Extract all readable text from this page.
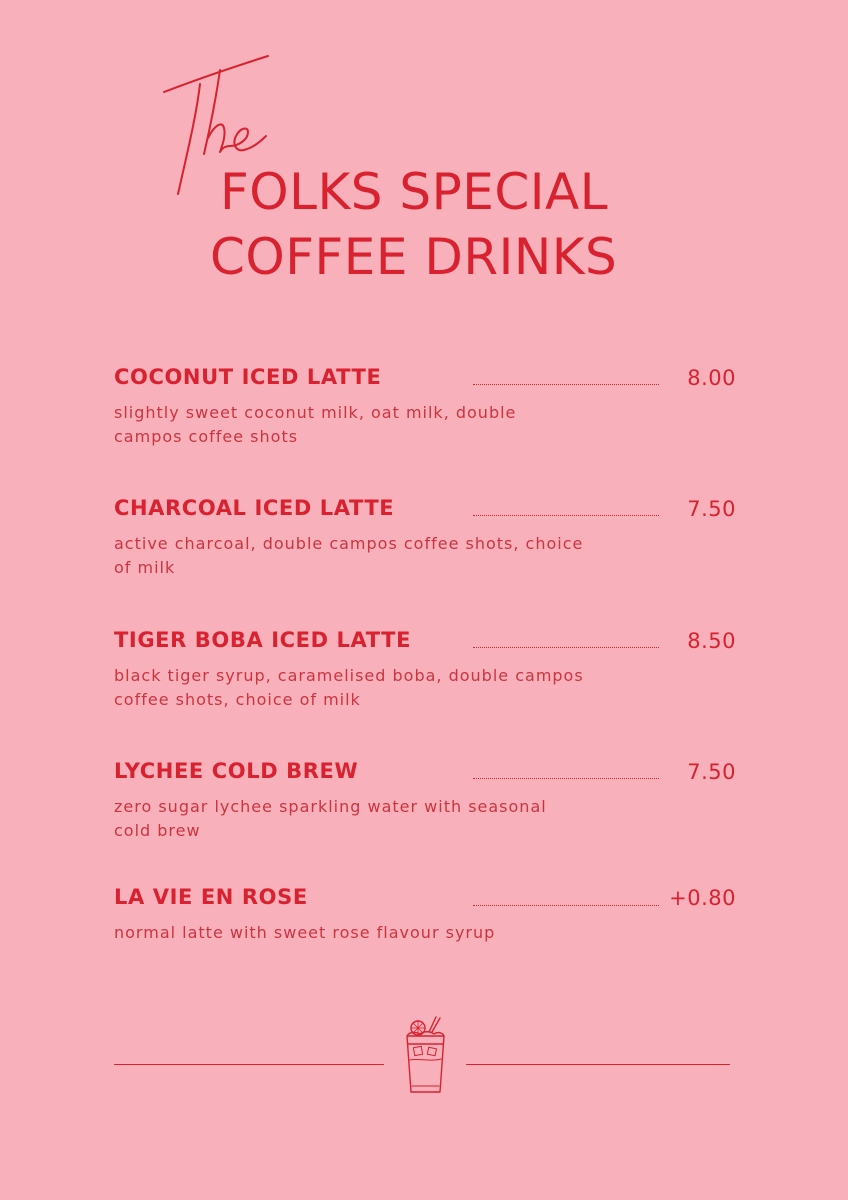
FOLKS SPECIAL
COFFEE DRINKS
COCONUT ICED LATTE	8.00
slightly sweet coconut milk, oat milk, double campos coffee shots
CHARCOAL ICED LATTE	7.50
active charcoal, double campos coffee shots, choice of milk
TIGER BOBA ICED LATTE	8.50
black tiger syrup, caramelised boba, double campos coffee shots, choice of milk
LYCHEE COLD BREW	7.50
zero sugar lychee sparkling water with seasonal cold brew
LA VIE EN ROSE	+0.80
normal latte with sweet rose flavour syrup
